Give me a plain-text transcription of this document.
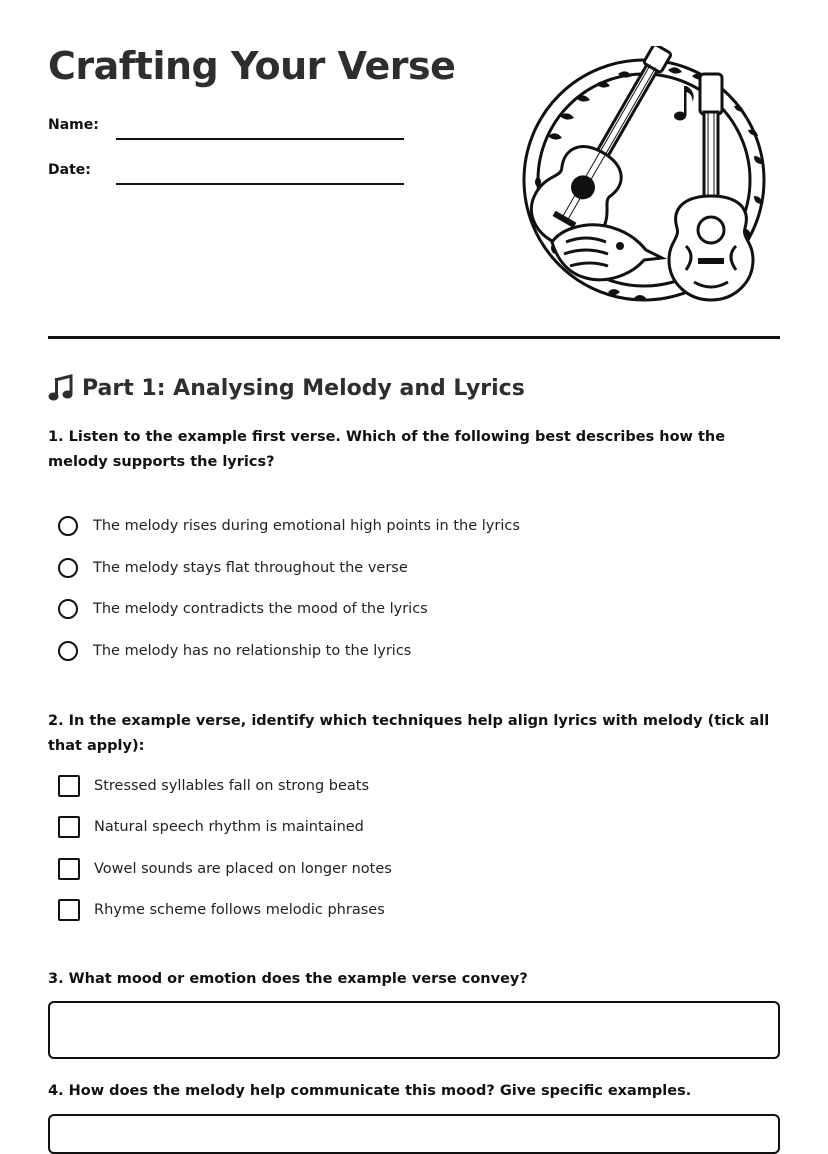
Crafting Your Verse
Name:
Date:
Part 1: Analysing Melody and Lyrics
1. Listen to the example first verse. Which of the following best describes how the melody supports the lyrics?
The melody rises during emotional high points in the lyrics
The melody stays flat throughout the verse
The melody contradicts the mood of the lyrics
The melody has no relationship to the lyrics
2. In the example verse, identify which techniques help align lyrics with melody (tick all that apply):
Stressed syllables fall on strong beats
Natural speech rhythm is maintained
Vowel sounds are placed on longer notes
Rhyme scheme follows melodic phrases
3. What mood or emotion does the example verse convey?
4. How does the melody help communicate this mood? Give specific examples.
